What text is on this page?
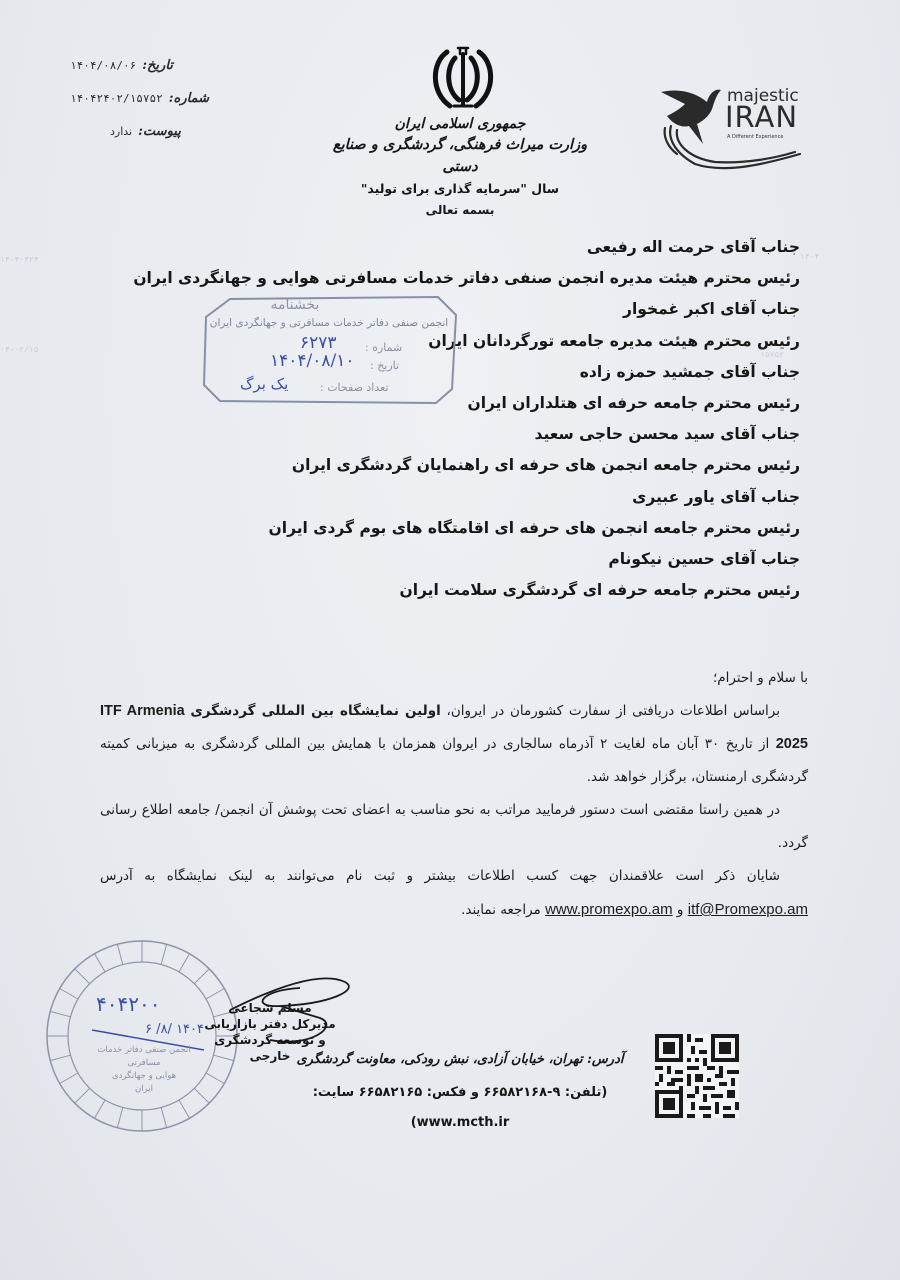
۱۴۰۴-۴۲۴
۰۴-۰۲/۱۵
۱۴۰۴
۱۵۷۵۲
تاریخ:
۱۴۰۴/۰۸/۰۶
شماره:
۱۴۰۴۲۴۰۲/۱۵۷۵۲
پیوست:
ندارد	جمهوری اسلامی ایران
وزارت میراث فرهنگی، گردشگری و صنایع دستی
سال "سرمایه گذاری برای تولید"
بسمه تعالی
majestic
IRAN
A Different Experience
جناب آقای حرمت اله رفیعی
رئیس محترم هیئت مدیره انجمن صنفی دفاتر خدمات مسافرتی هوایی و جهانگردی ایران
جناب آقای اکبر غمخوار
رئیس محترم هیئت مدیره جامعه تورگردانان ایران
جناب آقای جمشید حمزه زاده
رئیس محترم جامعه حرفه ای هتلداران ایران
جناب آقای سید محسن حاجی سعید
رئیس محترم جامعه انجمن های حرفه ای راهنمایان گردشگری ایران
جناب آقای یاور عبیری
رئیس محترم جامعه انجمن های حرفه ای اقامتگاه های بوم گردی ایران
جناب آقای حسین نیکونام
رئیس محترم جامعه حرفه ای گردشگری سلامت ایران
بخشنامه
انجمن صنفی دفاتر خدمات مسافرتی و جهانگردی ایران
شماره :
۶۲۷۳
تاریخ :
۱۴۰۴/۰۸/۱۰
تعداد صفحات :
یک برگ

با سلام و احترام؛

براساس اطلاعات دریافتی از سفارت کشورمان در ایروان، اولین نمایشگاه بین المللی گردشگری ITF Armenia 2025 از تاریخ ۳۰ آبان ماه لغایت ۲ آذرماه سالجاری در ایروان همزمان با همایش بین المللی گردشگری به میزبانی کمیته گردشگری ارمنستان، برگزار خواهد شد.

در همین راستا مقتضی است دستور فرمایید مراتب به نحو مناسب به اعضای تحت پوشش آن انجمن/ جامعه اطلاع رسانی گردد.

شایان ذکر است علاقمندان جهت کسب اطلاعات بیشتر و ثبت نام می‌توانند به لینک نمایشگاه به آدرس itf@Promexpo.am و www.promexpo.am مراجعه نمایند.

۴۰۴۲۰۰
۱۴۰۴ /۸/ ۶
انجمن صنفی دفاتر خدمات مسافرتی
هوایی و جهانگردی
ایران
مسلم شجاعی
مدیرکل دفتر بازاریابی
و توسعه گردشگری خارجی آدرس: تهران، خیابان آزادی، نبش رودکی، معاونت گردشگری
(تلفن: ۹-۶۶۵۸۲۱۶۸ و فکس: ۶۶۵۸۲۱۶۵ سایت: www.mcth.ir)
